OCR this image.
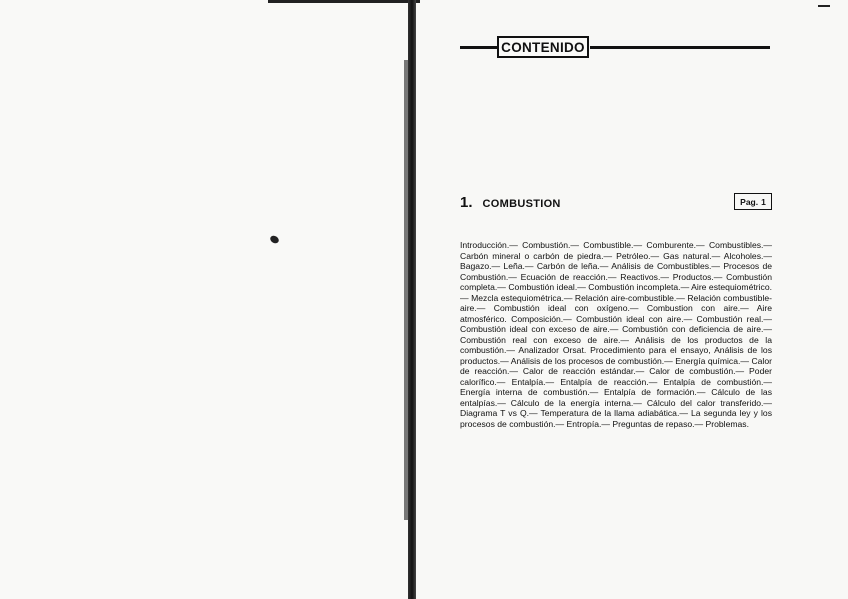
CONTENIDO
1. COMBUSTION	Pag. 1
Introducción.— Combustión.— Combustible.— Comburente.— Combustibles.— Carbón mineral o carbón de piedra.— Petróleo.— Gas natural.— Alcoholes.— Bagazo.— Leña.— Carbón de leña.— Análisis de Combustibles.— Procesos de Combustión.— Ecuación de reacción.— Reactivos.— Productos.— Combustión completa.— Combustión ideal.— Combustión incompleta.— Aire estequiométrico.— Mezcla estequiométrica.— Relación aire-combustible.— Relación combustible-aire.— Combustión ideal con oxígeno.— Combustion con aire.— Aire atmosférico. Composición.— Combustión ideal con aire.— Combustión real.— Combustión ideal con exceso de aire.— Combustión con deficiencia de aire.— Combustión real con exceso de aire.— Análisis de los productos de la combustión.— Analizador Orsat. Procedimiento para el ensayo, Análisis de los productos.— Análisis de los procesos de combustión.— Energía química.— Calor de reacción.— Calor de reacción estándar.— Calor de combustión.— Poder calorífico.— Entalpía.— Entalpía de reacción.— Entalpía de combustión.— Energía interna de combustión.— Entalpía de formación.— Cálculo de las entalpías.— Cálculo de la energía interna.— Cálculo del calor transferido.— Diagrama T vs Q.— Temperatura de la llama adiabática.— La segunda ley y los procesos de combustión.— Entropía.— Preguntas de repaso.— Problemas.
